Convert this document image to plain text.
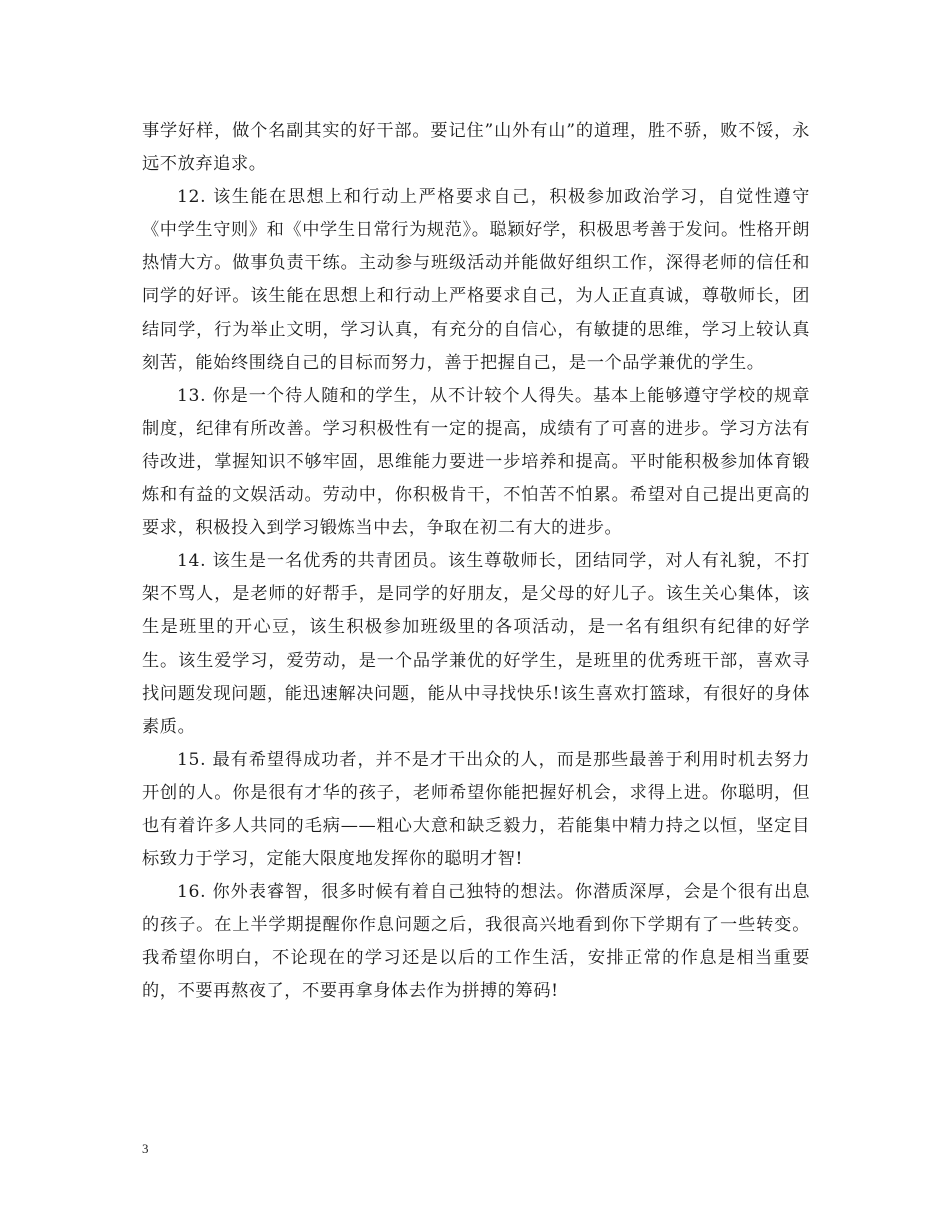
事学好样，做个名副其实的好干部。要记住”山外有山”的道理，胜不骄，败不馁，永远不放弃追求。

12. 该生能在思想上和行动上严格要求自己，积极参加政治学习，自觉性遵守《中学生守则》和《中学生日常行为规范》。聪颖好学，积极思考善于发问。性格开朗热情大方。做事负责干练。主动参与班级活动并能做好组织工作，深得老师的信任和同学的好评。该生能在思想上和行动上严格要求自己，为人正直真诚，尊敬师长，团结同学，行为举止文明，学习认真，有充分的自信心，有敏捷的思维，学习上较认真刻苦，能始终围绕自己的目标而努力，善于把握自己，是一个品学兼优的学生。

13. 你是一个待人随和的学生，从不计较个人得失。基本上能够遵守学校的规章制度，纪律有所改善。学习积极性有一定的提高，成绩有了可喜的进步。学习方法有待改进，掌握知识不够牢固，思维能力要进一步培养和提高。平时能积极参加体育锻炼和有益的文娱活动。劳动中，你积极肯干，不怕苦不怕累。希望对自己提出更高的要求，积极投入到学习锻炼当中去，争取在初二有大的进步。

14. 该生是一名优秀的共青团员。该生尊敬师长，团结同学，对人有礼貌，不打架不骂人，是老师的好帮手，是同学的好朋友，是父母的好儿子。该生关心集体，该生是班里的开心豆，该生积极参加班级里的各项活动，是一名有组织有纪律的好学生。该生爱学习，爱劳动，是一个品学兼优的好学生，是班里的优秀班干部，喜欢寻找问题发现问题，能迅速解决问题，能从中寻找快乐!该生喜欢打篮球，有很好的身体素质。

15. 最有希望得成功者，并不是才干出众的人，而是那些最善于利用时机去努力开创的人。你是很有才华的孩子，老师希望你能把握好机会，求得上进。你聪明，但也有着许多人共同的毛病——粗心大意和缺乏毅力，若能集中精力持之以恒，坚定目标致力于学习，定能大限度地发挥你的聪明才智!

16. 你外表睿智，很多时候有着自己独特的想法。你潜质深厚，会是个很有出息的孩子。在上半学期提醒你作息问题之后，我很高兴地看到你下学期有了一些转变。我希望你明白，不论现在的学习还是以后的工作生活，安排正常的作息是相当重要的，不要再熬夜了，不要再拿身体去作为拼搏的筹码!

3
